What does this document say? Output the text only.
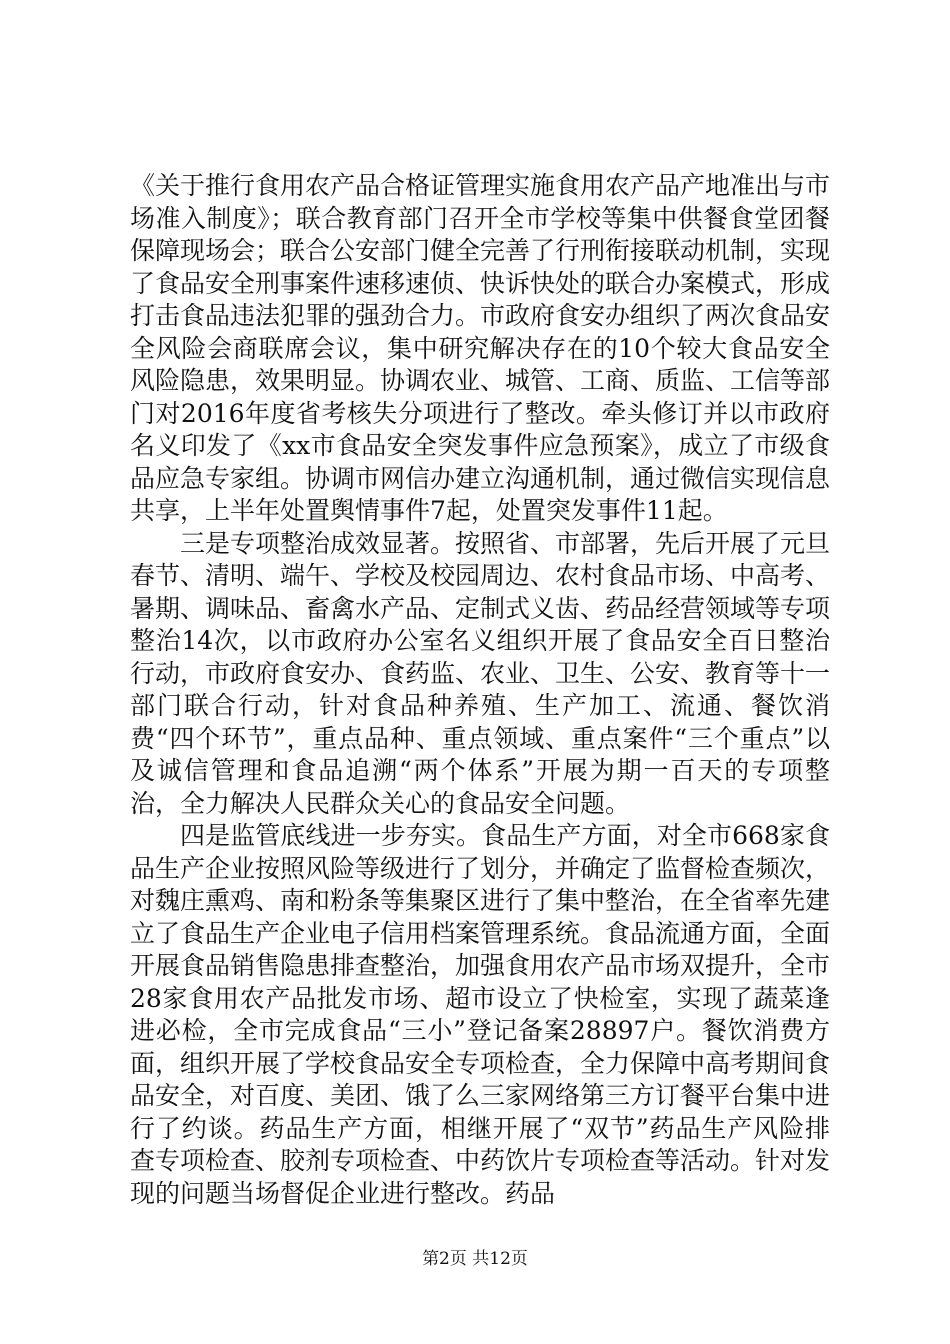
《关于推行食用农产品合格证管理实施食用农产品产地准出与市场准入制度》；联合教育部门召开全市学校等集中供餐食堂团餐保障现场会；联合公安部门健全完善了行刑衔接联动机制，实现了食品安全刑事案件速移速侦、快诉快处的联合办案模式，形成打击食品违法犯罪的强劲合力。市政府食安办组织了两次食品安全风险会商联席会议，集中研究解决存在的10个较大食品安全风险隐患，效果明显。协调农业、城管、工商、质监、工信等部门对2016年度省考核失分项进行了整改。牵头修订并以市政府名义印发了《xx市食品安全突发事件应急预案》，成立了市级食品应急专家组。协调市网信办建立沟通机制，通过微信实现信息共享，上半年处置舆情事件7起，处置突发事件11起。

三是专项整治成效显著。按照省、市部署，先后开展了元旦春节、清明、端午、学校及校园周边、农村食品市场、中高考、暑期、调味品、畜禽水产品、定制式义齿、药品经营领域等专项整治14次，以市政府办公室名义组织开展了食品安全百日整治行动，市政府食安办、食药监、农业、卫生、公安、教育等十一部门联合行动，针对食品种养殖、生产加工、流通、餐饮消费“四个环节”，重点品种、重点领域、重点案件“三个重点”以及诚信管理和食品追溯“两个体系”开展为期一百天的专项整治，全力解决人民群众关心的食品安全问题。

四是监管底线进一步夯实。食品生产方面，对全市668家食品生产企业按照风险等级进行了划分，并确定了监督检查频次，对魏庄熏鸡、南和粉条等集聚区进行了集中整治，在全省率先建立了食品生产企业电子信用档案管理系统。食品流通方面，全面开展食品销售隐患排查整治，加强食用农产品市场双提升，全市28家食用农产品批发市场、超市设立了快检室，实现了蔬菜逢进必检，全市完成食品“三小”登记备案28897户。餐饮消费方面，组织开展了学校食品安全专项检查，全力保障中高考期间食品安全，对百度、美团、饿了么三家网络第三方订餐平台集中进行了约谈。药品生产方面，相继开展了“双节”药品生产风险排查专项检查、胶剂专项检查、中药饮片专项检查等活动。针对发现的问题当场督促企业进行整改。药品

第2页 共12页
